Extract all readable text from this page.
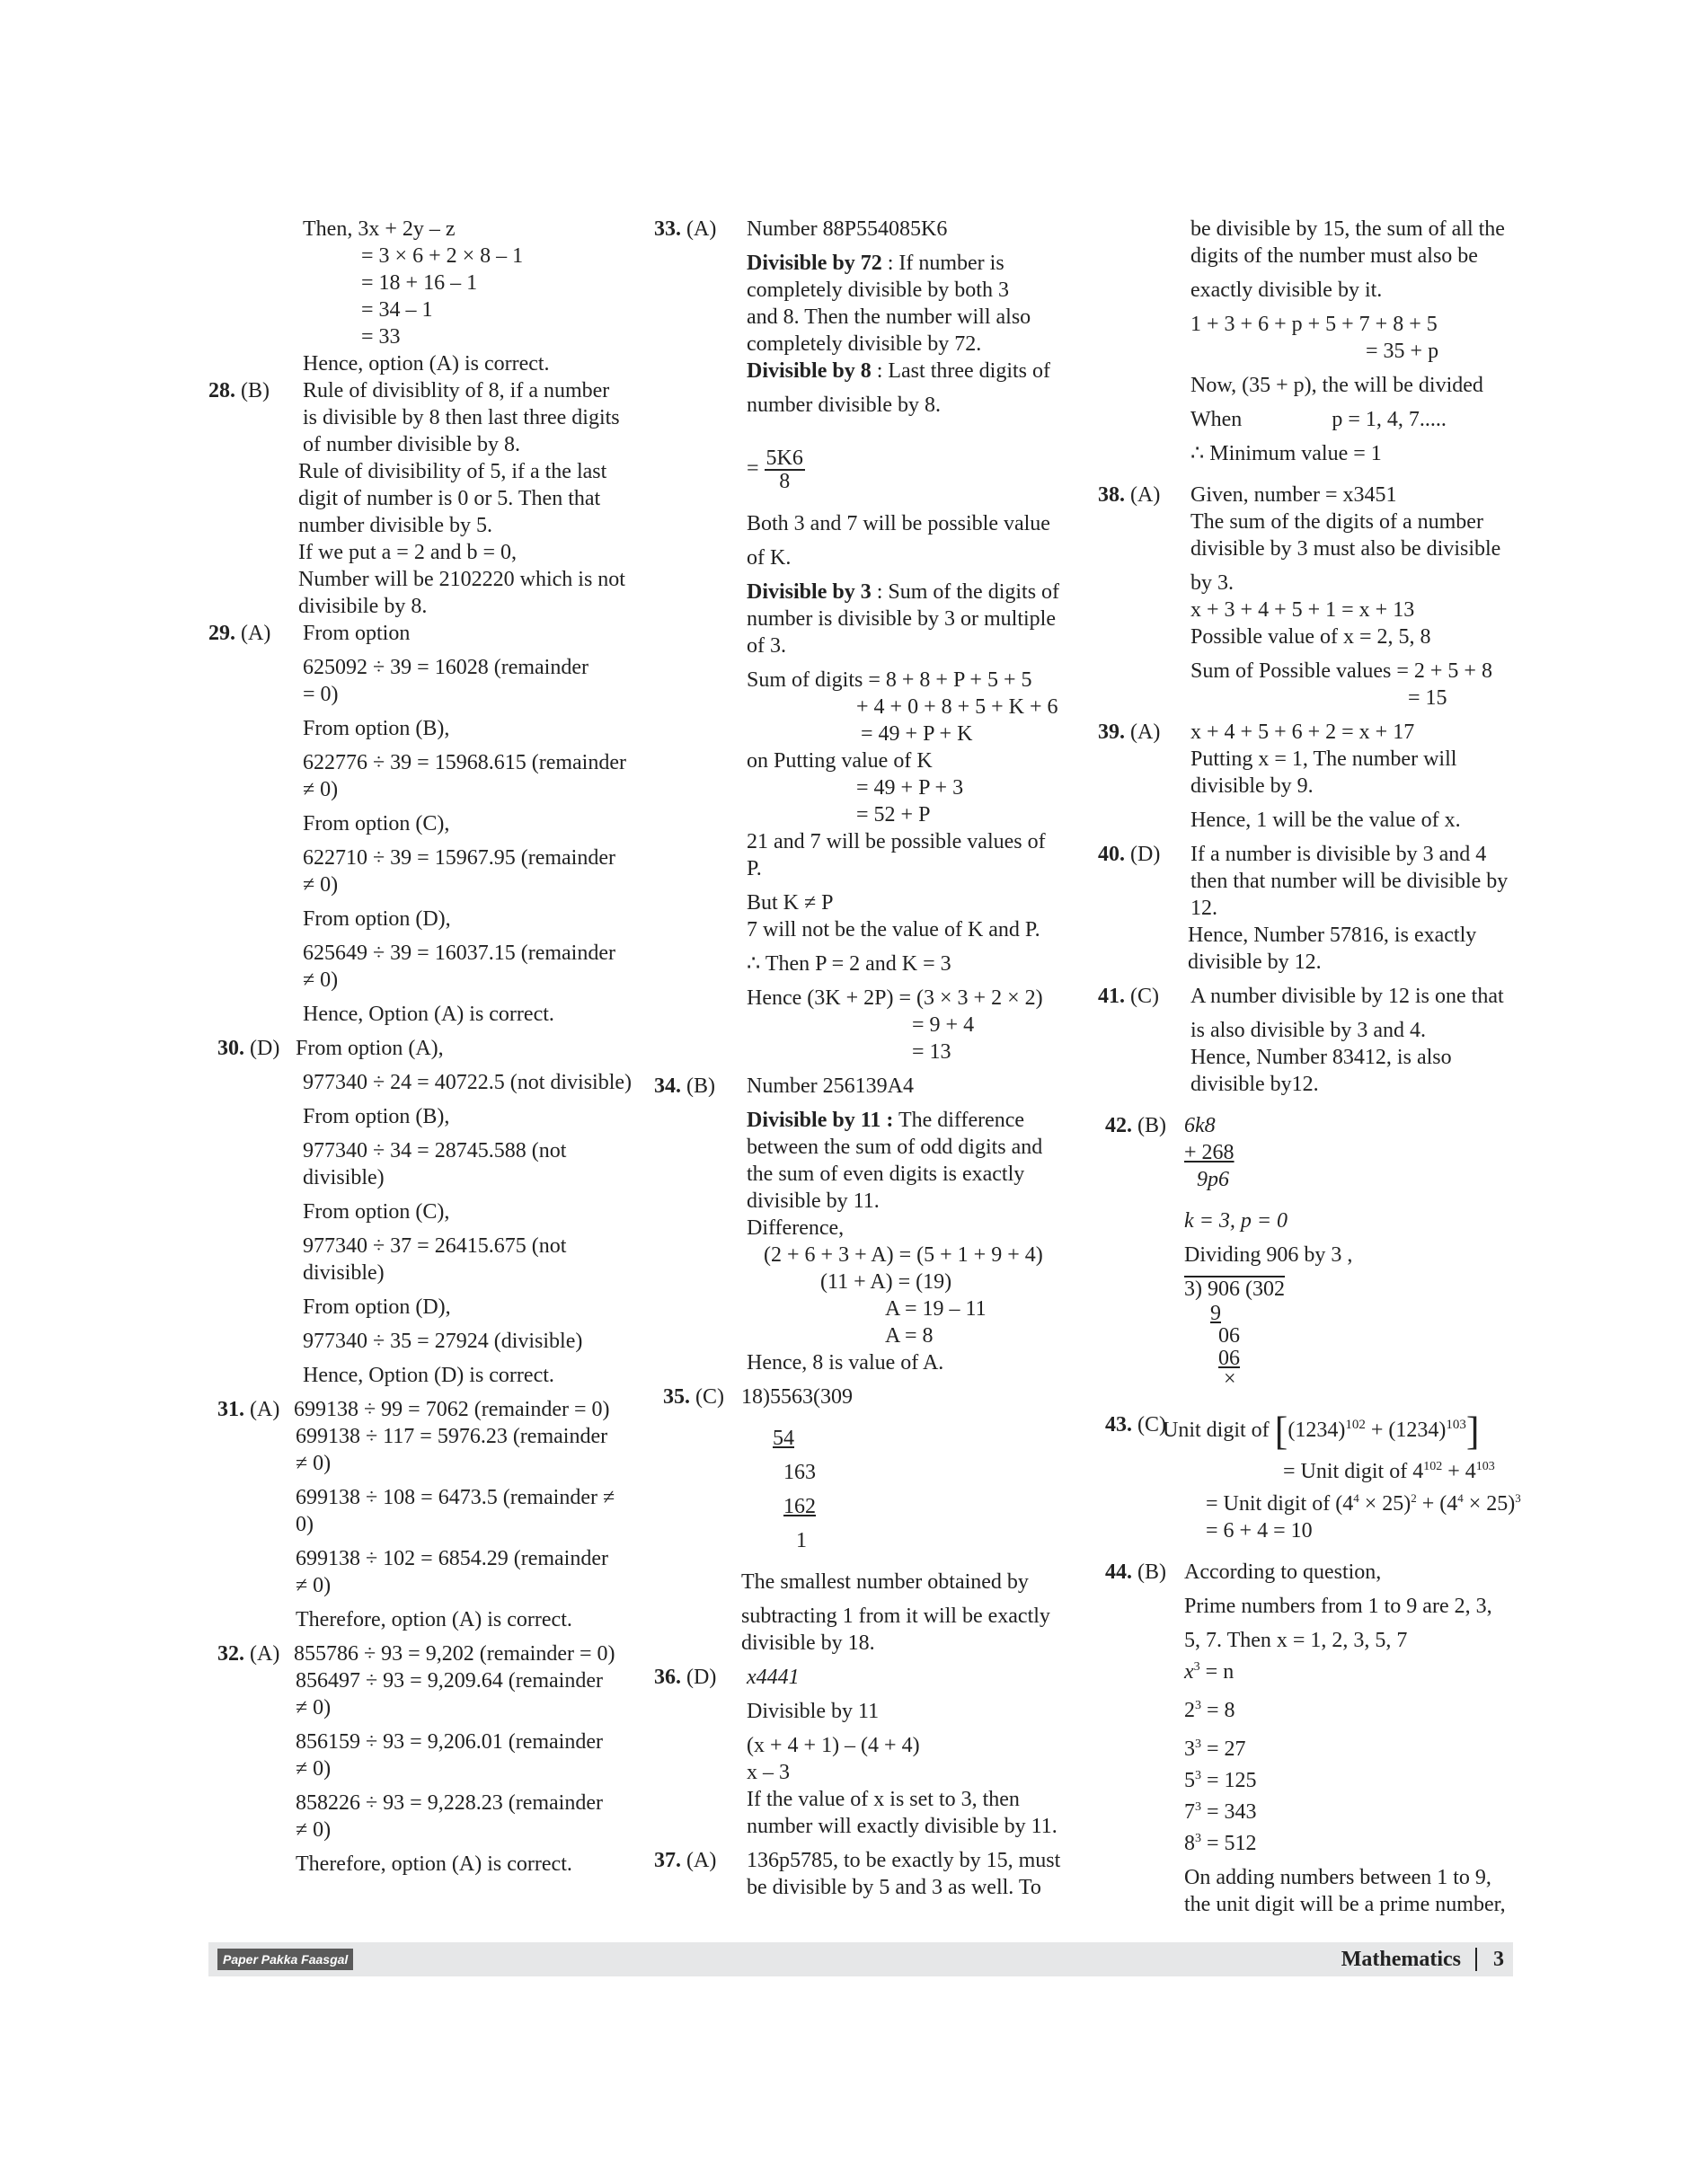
Then, 3x + 2y – z
= 3 × 6 + 2 × 8 – 1
= 18 + 16 – 1
= 34 – 1
= 33
Hence, option (A) is correct.
28. (B) Rule of divisiblity of 8, if a number
is divisible by 8 then last three digits
of number divisible by 8.
Rule of divisibility of 5, if a the last
digit of number is 0 or 5. Then that
number divisible by 5.
If we put a = 2 and b = 0,
Number will be 2102220 which is not
divisibile by 8.
29. (A) From option
625092 ÷ 39 = 16028 (remainder
= 0)
From option (B),
622776 ÷ 39 = 15968.615 (remainder
≠ 0)
From option (C),
622710 ÷ 39 = 15967.95 (remainder
≠ 0)
From option (D),
625649 ÷ 39 = 16037.15 (remainder
≠ 0)
Hence, Option (A) is correct.
30. (D) From option (A),
977340 ÷ 24 = 40722.5 (not divisible)
From option (B),
977340 ÷ 34 = 28745.588 (not
divisible)
From option (C),
977340 ÷ 37 = 26415.675 (not
divisible)
From option (D),
977340 ÷ 35 = 27924 (divisible)
Hence, Option (D) is correct.
31. (A) 699138 ÷ 99 = 7062 (remainder = 0)
699138 ÷ 117 = 5976.23 (remainder
≠ 0)
699138 ÷ 108 = 6473.5 (remainder ≠
0)
699138 ÷ 102 = 6854.29 (remainder
≠ 0)
Therefore, option (A) is correct.
32. (A) 855786 ÷ 93 = 9,202 (remainder = 0)
856497 ÷ 93 = 9,209.64 (remainder
≠ 0)
856159 ÷ 93 = 9,206.01 (remainder
≠ 0)
858226 ÷ 93 = 9,228.23 (remainder
≠ 0)
Therefore, option (A) is correct.
33. (A) Number 88P554085K6
Divisible by 72 : If number is
completely divisible by both 3
and 8. Then the number will also
completely divisible by 72.
Divisible by 8 : Last three digits of
number divisible by 8.
= $\frac{5K6}{8}$
Both 3 and 7 will be possible value
of K.
Divisible by 3 : Sum of the digits of
number is divisible by 3 or multiple
of 3.
Sum of digits = 8 + 8 + P + 5 + 5
+ 4 + 0 + 8 + 5 + K + 6
= 49 + P + K
on Putting value of K
= 49 + P + 3
= 52 + P
21 and 7 will be possible values of
P.
But K ≠ P
7 will not be the value of K and P.
∴ Then P = 2 and K = 3
Hence (3K + 2P) = (3 × 3 + 2 × 2)
= 9 + 4
= 13
34. (B) Number 256139A4
Divisible by 11 : The difference
between the sum of odd digits and
the sum of even digits is exactly
divisible by 11.
Difference,
(2 + 6 + 3 + A) = (5 + 1 + 9 + 4)
(11 + A) = (19)
A = 19 – 11
A = 8
Hence, 8 is value of A.
35. (C) 18)5563(309
54
163
162
1
The smallest number obtained by
subtracting 1 from it will be exactly
divisible by 18.
36. (D) x4441
Divisible by 11
(x + 4 + 1) – (4 + 4)
x – 3
If the value of x is set to 3, then
number will exactly divisible by 11.
37. (A) 136p5785, to be exactly by 15, must
be divisible by 5 and 3 as well. To
be divisible by 15, the sum of all the
digits of the number must also be
exactly divisible by it.
1 + 3 + 6 + p + 5 + 7 + 8 + 5
= 35 + p
Now, (35 + p), the will be divided
When	p = 1, 4, 7.....
∴ Minimum value = 1
38. (A) Given, number = x3451
The sum of the digits of a number
divisible by 3 must also be divisible
by 3.
x + 3 + 4 + 5 + 1 = x + 13
Possible value of x = 2, 5, 8
Sum of Possible values = 2 + 5 + 8
= 15
39. (A) x + 4 + 5 + 6 + 2 = x + 17
Putting x = 1, The number will
divisible by 9.
Hence, 1 will be the value of x.
40. (D) If a number is divisible by 3 and 4
then that number will be divisible by
12.
Hence, Number 57816, is exactly
divisible by 12.
41. (C) A number divisible by 12 is one that
is also divisible by 3 and 4.
Hence, Number 83412, is also
divisible by12.
42. (B) 6k8
+ 268
9p6
k = 3, p = 0
Dividing 906 by 3 ,
3) 906 (302
9
06
06
×
43. (C)
Unit digit of $[(1234)^{102} + (1234)^{103}]$
= Unit digit of $4^{102} + 4^{103}$
= Unit digit of $(4^4 \times 25)^2 + (4^4 \times 25)^3$
= 6 + 4 = 10
44. (B) According to question,
Prime numbers from 1 to 9 are 2, 3,
5, 7. Then x = 1, 2, 3, 5, 7
$x^3 = n$
$2^3 = 8$
$3^3 = 27$
$5^3 = 125$
$7^3 = 343$
$8^3 = 512$
On adding numbers between 1 to 9,
the unit digit will be a prime number,
Paper Pakka Faasgal	Mathematics 3
